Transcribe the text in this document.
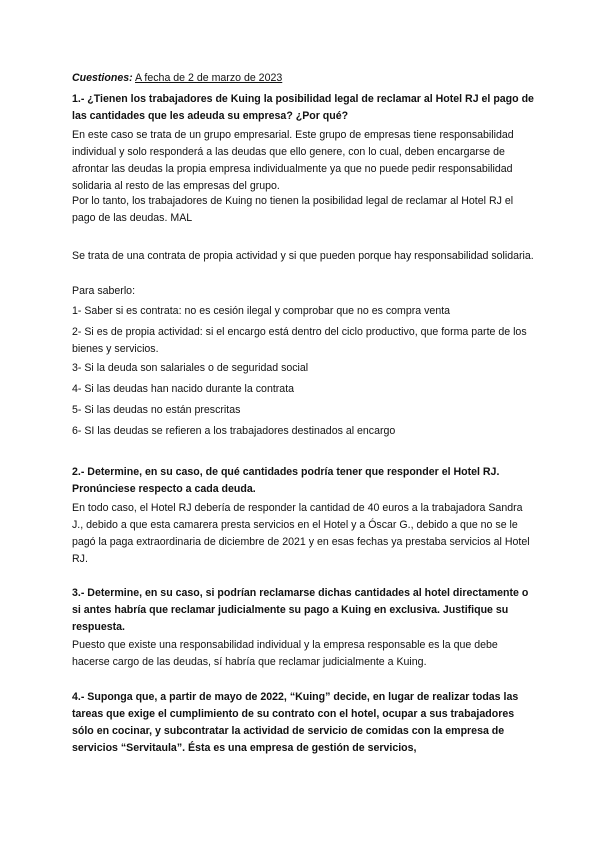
Cuestiones: A fecha de 2 de marzo de 2023
1.- ¿Tienen los trabajadores de Kuing la posibilidad legal de reclamar al Hotel RJ el pago de las cantidades que les adeuda su empresa? ¿Por qué?
En este caso se trata de un grupo empresarial. Este grupo de empresas tiene responsabilidad individual y solo responderá a las deudas que ello genere, con lo cual, deben encargarse de afrontar las deudas la propia empresa individualmente ya que no puede pedir responsabilidad solidaria al resto de las empresas del grupo.
Por lo tanto, los trabajadores de Kuing no tienen la posibilidad legal de reclamar al Hotel RJ el pago de las deudas. MAL
Se trata de una contrata de propia actividad y si que pueden porque hay responsabilidad solidaria.
Para saberlo:
1- Saber si es contrata: no es cesión ilegal y comprobar que no es compra venta
2- Si es de propia actividad: si el encargo está dentro del ciclo productivo, que forma parte de los bienes y servicios.
3- Si la deuda son salariales o de seguridad social
4- Si las deudas han nacido durante la contrata
5- Si las deudas no están prescritas
6- SI las deudas se refieren a los trabajadores destinados al encargo
2.- Determine, en su caso, de qué cantidades podría tener que responder el Hotel RJ. Pronúnciese respecto a cada deuda.
En todo caso, el Hotel RJ debería de responder la cantidad de 40 euros a la trabajadora Sandra J., debido a que esta camarera presta servicios en el Hotel y a Óscar G., debido a que no se le pagó la paga extraordinaria de diciembre de 2021 y en esas fechas ya prestaba servicios al Hotel RJ.
3.- Determine, en su caso, si podrían reclamarse dichas cantidades al hotel directamente o si antes habría que reclamar judicialmente su pago a Kuing en exclusiva. Justifique su respuesta.
Puesto que existe una responsabilidad individual y la empresa responsable es la que debe hacerse cargo de las deudas, sí habría que reclamar judicialmente a Kuing.
4.- Suponga que, a partir de mayo de 2022, “Kuing” decide, en lugar de realizar todas las tareas que exige el cumplimiento de su contrato con el hotel, ocupar a sus trabajadores sólo en cocinar, y subcontratar la actividad de servicio de comidas con la empresa de servicios “Servitaula”. Ésta es una empresa de gestión de servicios,
